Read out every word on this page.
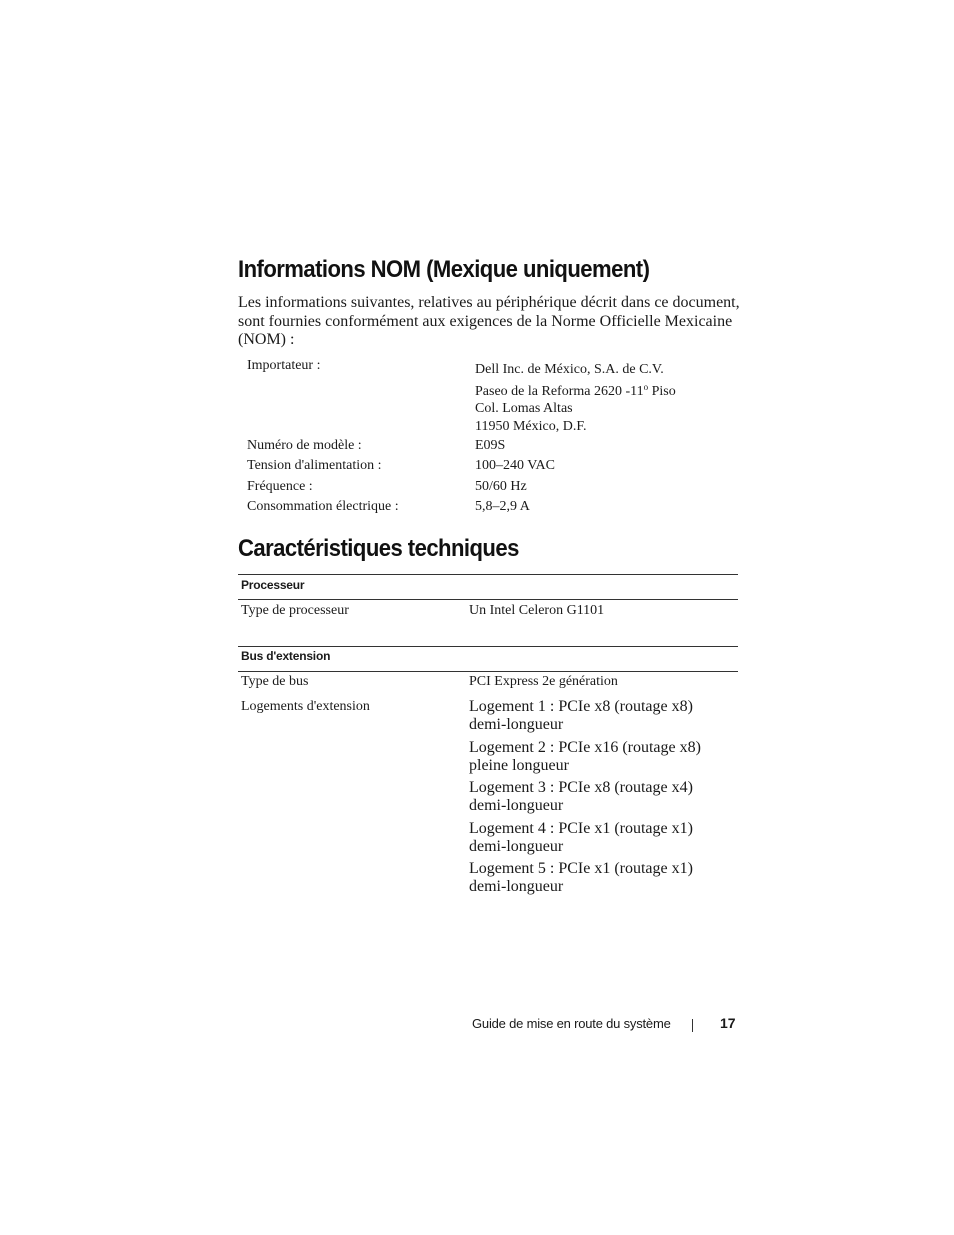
Informations NOM (Mexique uniquement)

Les informations suivantes, relatives au périphérique décrit dans ce document, sont fournies conformément aux exigences de la Norme Officielle Mexicaine (NOM) :

Importateur :	Dell Inc. de México, S.A. de C.V.
Paseo de la Reforma 2620 -11$^o$ Piso
Col. Lomas Altas
11950 México, D.F.
Numéro de modèle :	E09S
Tension d'alimentation :	100–240 VAC
Fréquence :	50/60 Hz
Consommation électrique :	5,8–2,9 A
Caractéristiques techniques
Processeur
Type de processeur	Un Intel Celeron G1101
Bus d'extension
Type de bus	PCI Express 2e génération
Logements d'extension	Logement 1 : PCIe x8 (routage x8) demi-longueur
Logement 2 : PCIe x16 (routage x8) pleine longueur
Logement 3 : PCIe x8 (routage x4) demi-longueur
Logement 4 : PCIe x1 (routage x1) demi-longueur
Logement 5 : PCIe x1 (routage x1) demi-longueur
Guide de mise en route du système	17
